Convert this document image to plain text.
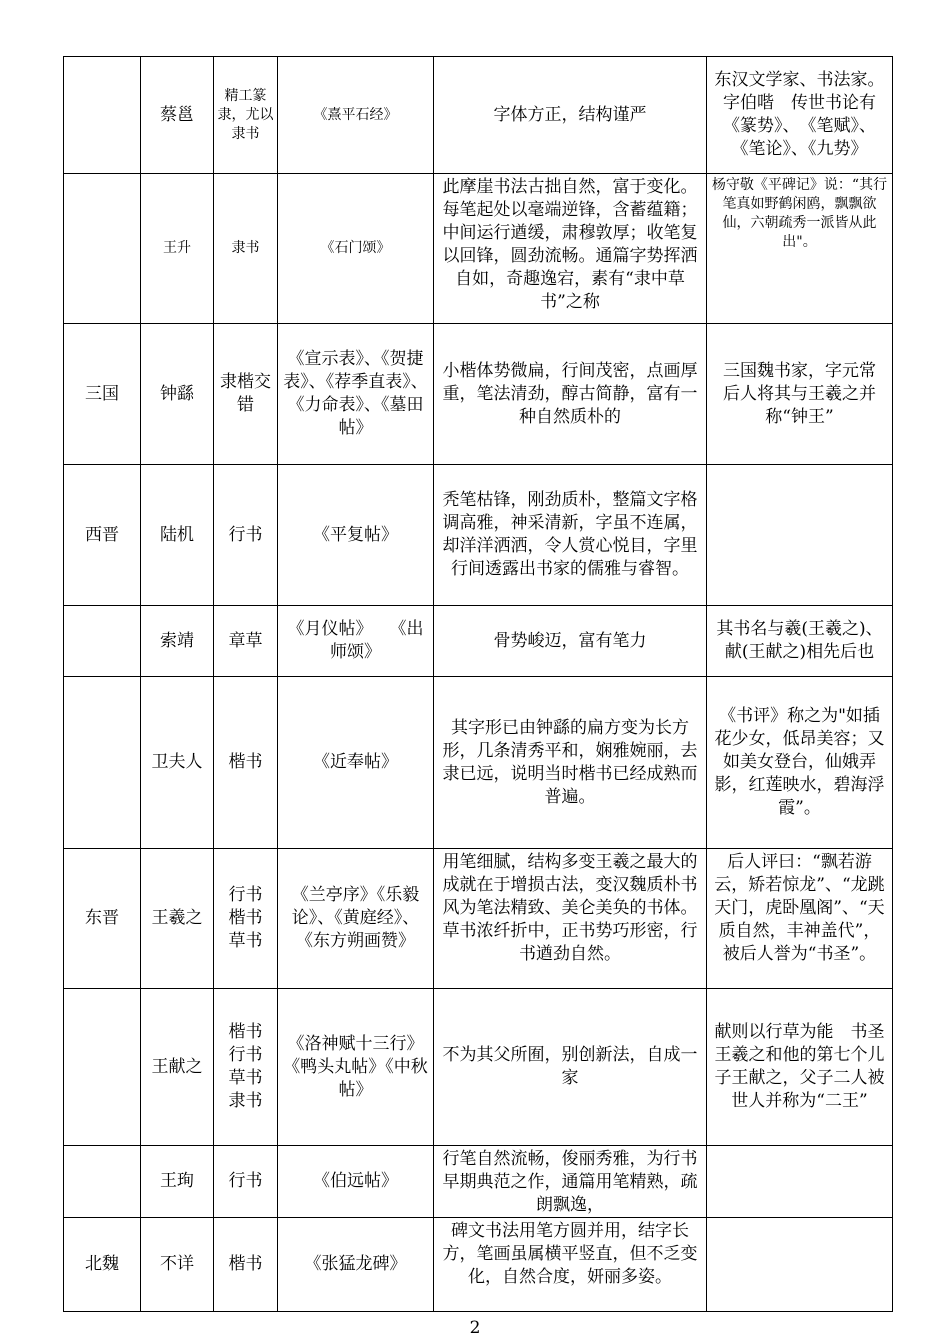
	蔡邕	精工篆隶，尤以隶书	《熹平石经》	字体方正，结构谨严	东汉文学家、书法家。字伯喈　传世书论有《篆势》、　《笔赋》、《笔论》、《九势》
	王升	隶书	《石门颂》	此摩崖书法古拙自然，富于变化。每笔起处以毫端逆锋，含蓄蕴籍；中间运行遒缓，肃穆敦厚；收笔复以回锋，圆劲流畅。通篇字势挥洒自如，奇趣逸宕，素有“隶中草书”之称	杨守敬《平碑记》说：“其行笔真如野鹤闲鸥，飘飘欲仙，六朝疏秀一派皆从此出"。
三国	钟繇	隶楷交错	《宣示表》、《贺捷表》、《荐季直表》、《力命表》、《墓田帖》	小楷体势微扁，行间茂密，点画厚重，笔法清劲，醇古简静，富有一种自然质朴的	三国魏书家，字元常　后人将其与王羲之并称“钟王”
西晋	陆机	行书	《平复帖》	秃笔枯锋，刚劲质朴，整篇文字格调高雅，神采清新，字虽不连属，却洋洋洒洒，令人赏心悦目，字里行间透露出书家的儒雅与睿智。	
	索靖	章草	《月仪帖》　　《出师颂》	骨势峻迈，富有笔力	其书名与羲(王羲之)、献(王献之)相先后也
	卫夫人	楷书	《近奉帖》	其字形已由钟繇的扁方变为长方形，几条清秀平和，娴雅婉丽，去隶已远，说明当时楷书已经成熟而普遍。	《书评》称之为"如插花少女，低昂美容；又如美女登台，仙娥弄影，红莲映水，碧海浮霞”。
东晋	王羲之	行书　楷书　草书	《兰亭序》《乐毅论》、《黄庭经》、《东方朔画赞》	用笔细腻，结构多变王羲之最大的成就在于增损古法，变汉魏质朴书风为笔法精致、美仑美奂的书体。草书浓纤折中，正书势巧形密，行书遒劲自然。	后人评曰：“飘若游云，矫若惊龙”、“龙跳天门，虎卧凰阁”、“天质自然，丰神盖代”，被后人誉为“书圣”。
	王献之	楷书　行书　草书　隶书	《洛神赋十三行》《鸭头丸帖》《中秋帖》	不为其父所囿，别创新法，自成一家	献则以行草为能　书圣王羲之和他的第七个儿子王献之，父子二人被世人并称为“二王”
	王珣	行书	《伯远帖》	行笔自然流畅，俊丽秀雅，为行书早期典范之作，通篇用笔精熟，疏朗飘逸，	
北魏	不详	楷书	《张猛龙碑》	碑文书法用笔方圆并用，结字长方，笔画虽属横平竖直，但不乏变化，自然合度，妍丽多姿。	
2
